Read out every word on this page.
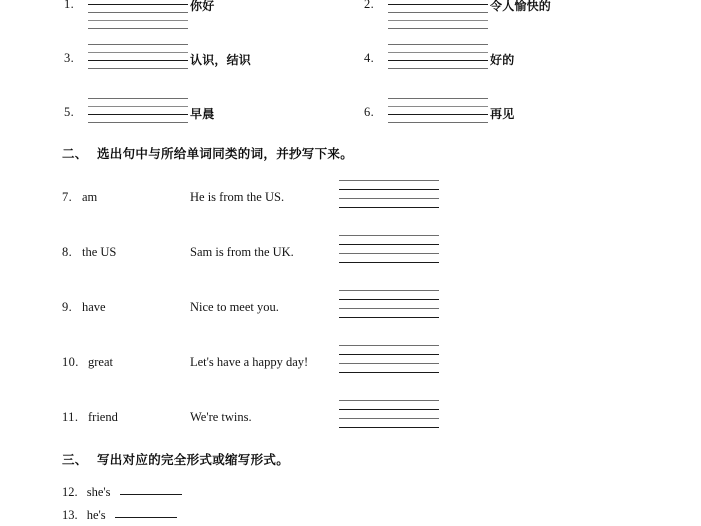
1.	你好	2.	令人愉快的
3.	认识，结识	4.	好的
5.	早晨	6.	再见
二、 选出句中与所给单词同类的词，并抄写下来。
7. am	He is from the US.
8. the US	Sam is from the UK.
9. have	Nice to meet you.
10. great	Let's have a happy day!
11. friend	We're twins.
三、 写出对应的完全形式或缩写形式。
12. she's
13. he's
